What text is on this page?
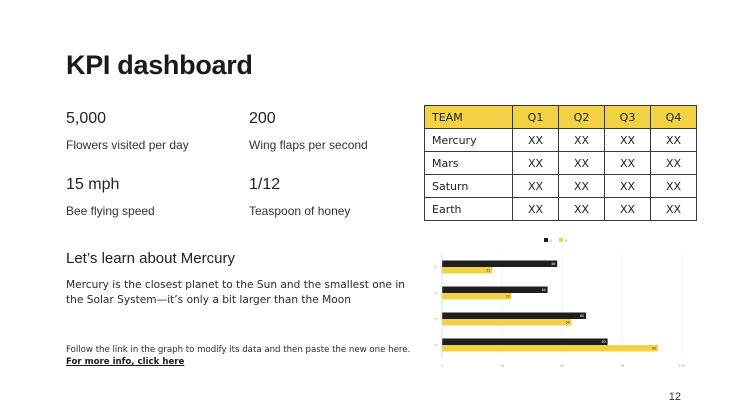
KPI dashboard
5,000
Flowers visited per day
200
Wing flaps per second
15 mph
Bee flying speed
1/12
Teaspoon of honey
Let’s learn about Mercury
Mercury is the closest planet to the Sun and the smallest one in the Solar System—it’s only a bit larger than the Moon
Follow the link in the graph to modify its data and then paste the new one here. For more info, click here
TEAM	Q1	Q2	Q3	Q4
Mercury	XX	XX	XX	XX
Mars	XX	XX	XX	XX
Saturn	XX	XX	XX	XX
Earth	XX	XX	XX	XX
A	B
0	25	50	75	100
1T
48
21
2T
44
29
3T
60
54
4T
69
90
12
